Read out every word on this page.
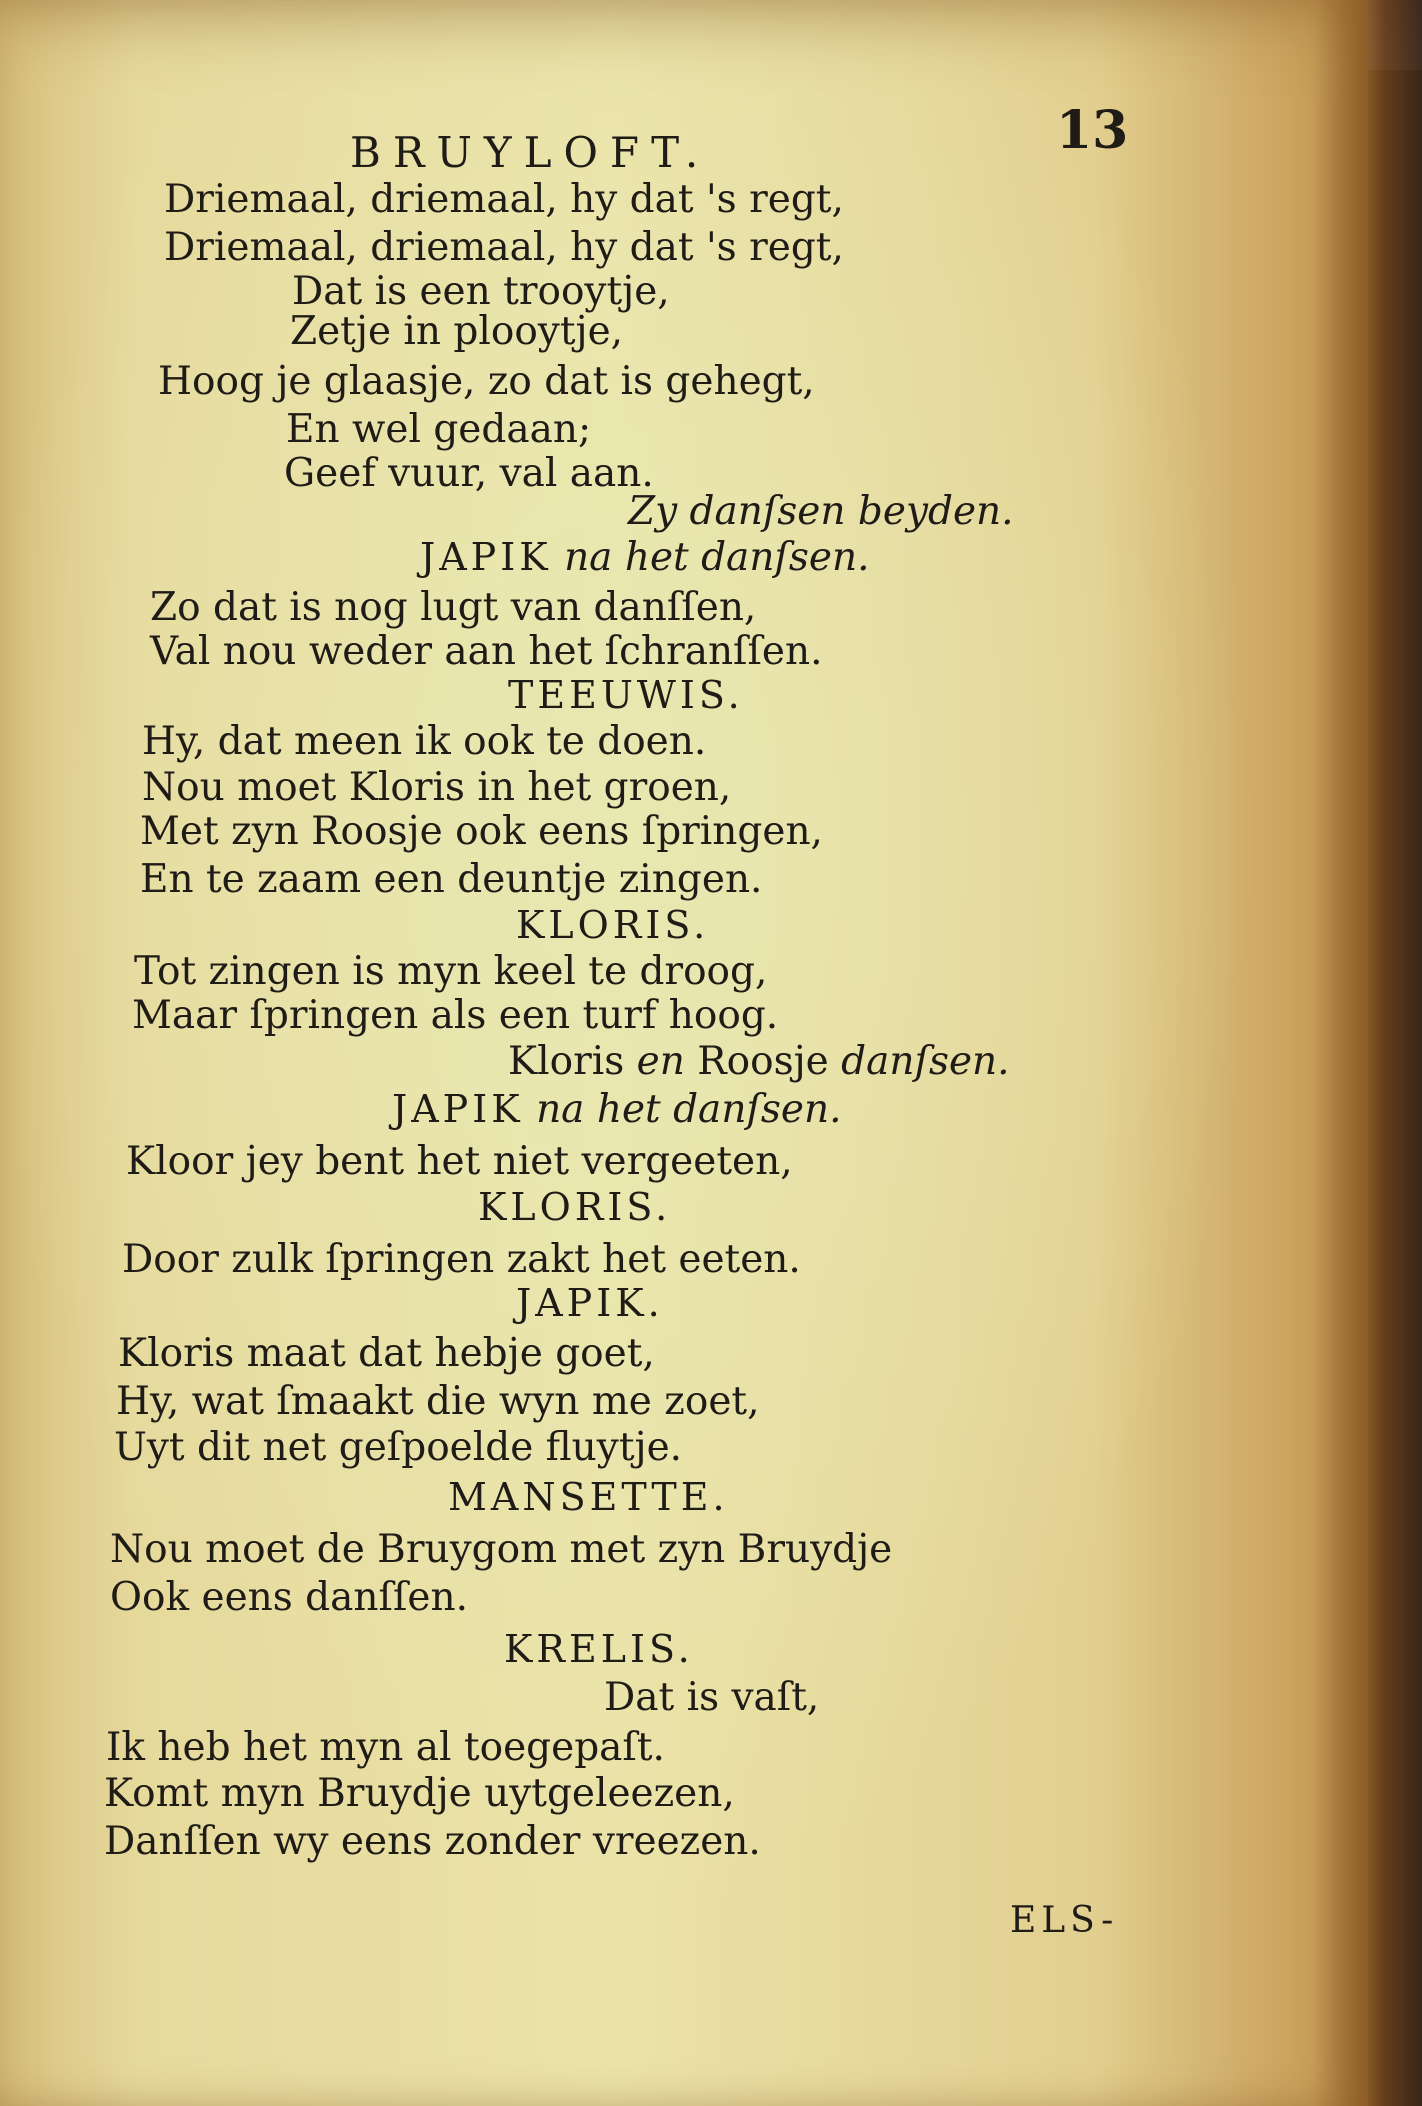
BRUYLOFT.	13
Driemaal, driemaal, hy dat 's regt,
Driemaal, driemaal, hy dat 's regt,
Dat is een trooytje,
Zetje in plooytje,
Hoog je glaasje, zo dat is gehegt,
En wel gedaan;
Geef vuur, val aan.
Zy danſsen beyden.
JAPIK na het danſsen.
Zo dat is nog lugt van danſſen,
Val nou weder aan het ſchranſſen.
TEEUWIS.
Hy, dat meen ik ook te doen.
Nou moet Kloris in het groen,
Met zyn Roosje ook eens ſpringen,
En te zaam een deuntje zingen.
KLORIS.
Tot zingen is myn keel te droog,
Maar ſpringen als een turf hoog.
Kloris en Roosje danſsen.
JAPIK na het danſsen.
Kloor jey bent het niet vergeeten,
KLORIS.
Door zulk ſpringen zakt het eeten.
JAPIK.
Kloris maat dat hebje goet,
Hy, wat ſmaakt die wyn me zoet,
Uyt dit net geſpoelde fluytje.
MANSETTE.
Nou moet de Bruygom met zyn Bruydje
Ook eens danſſen.
KRELIS.
Dat is vaſt,
Ik heb het myn al toegepaſt.
Komt myn Bruydje uytgeleezen,
Danſſen wy eens zonder vreezen.
ELS-
